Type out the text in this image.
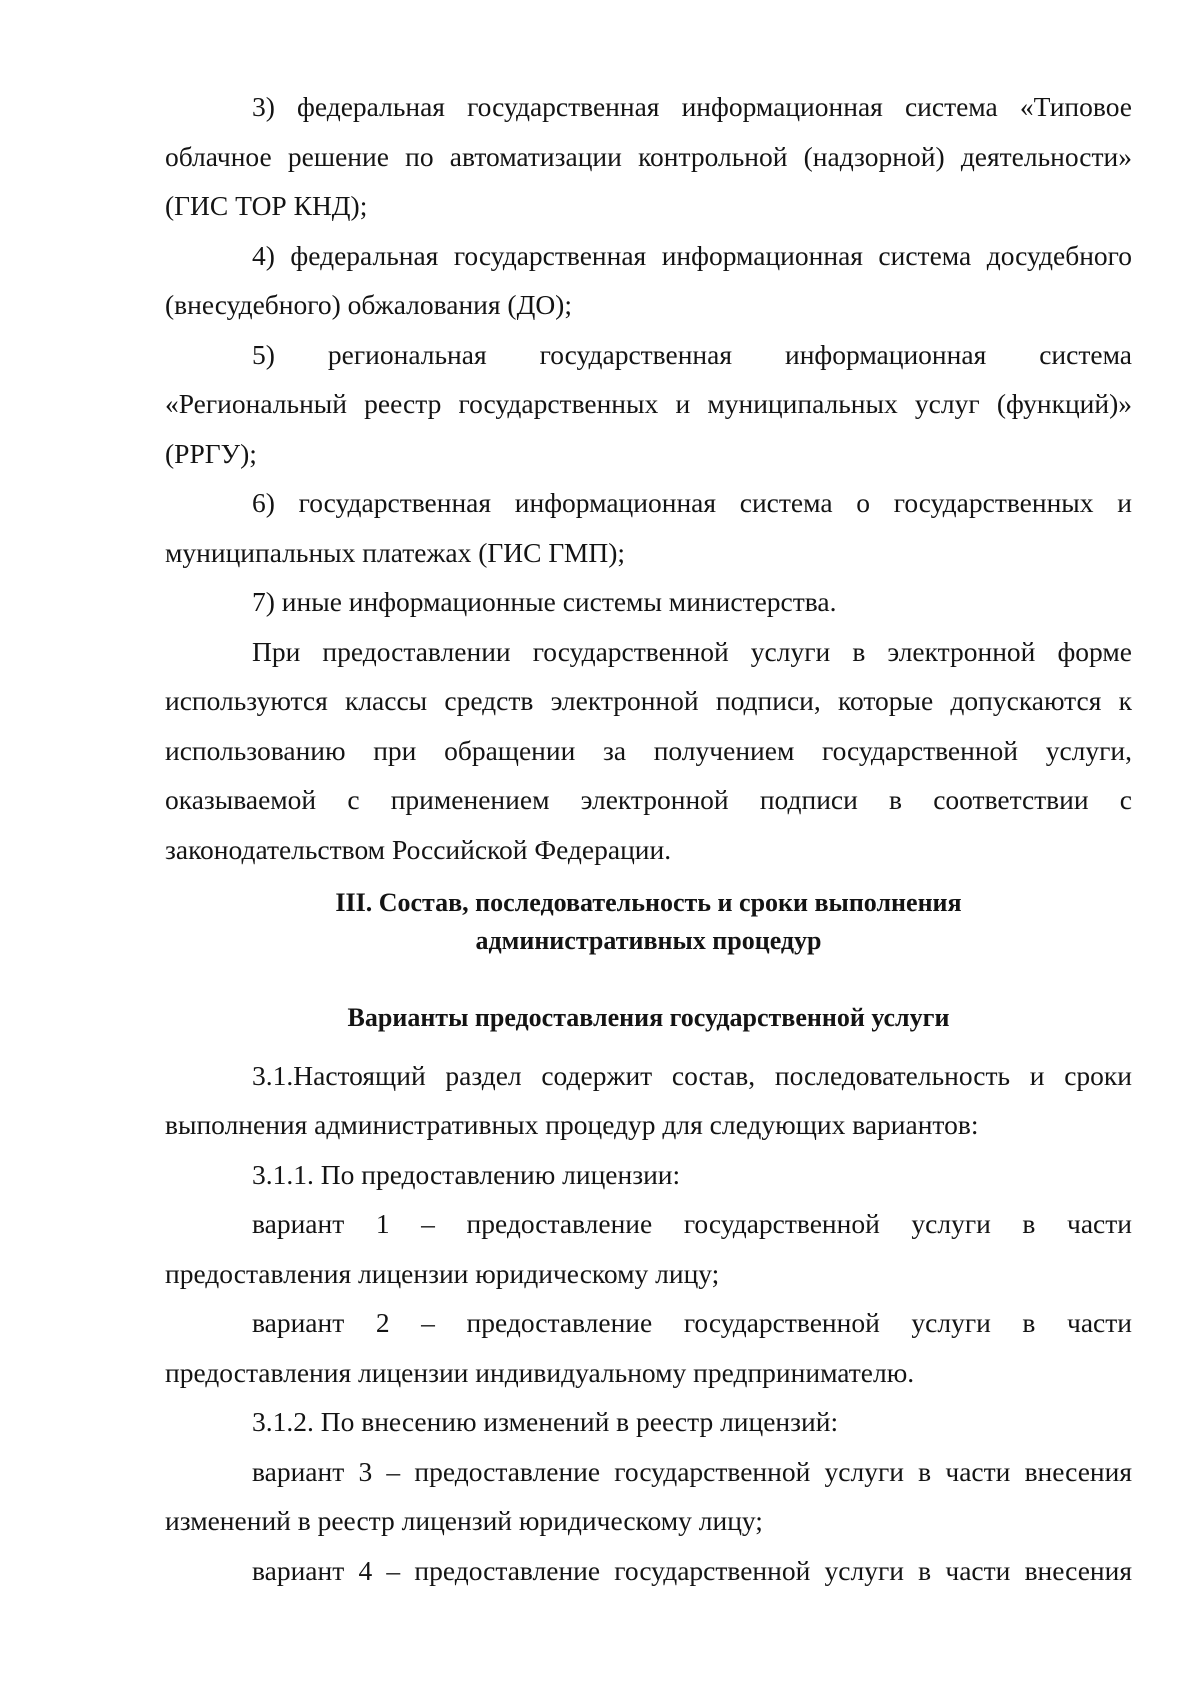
3) федеральная государственная информационная система «Типовое облачное решение по автоматизации контрольной (надзорной) деятельности» (ГИС ТОР КНД);

4) федеральная государственная информационная система досудебного (внесудебного) обжалования (ДО);

5) региональная государственная информационная система «Региональный реестр государственных и муниципальных услуг (функций)» (РРГУ);

6) государственная информационная система о государственных и муниципальных платежах (ГИС ГМП);

7) иные информационные системы министерства.

При предоставлении государственной услуги в электронной форме используются классы средств электронной подписи, которые допускаются к использованию при обращении за получением государственной услуги, оказываемой с применением электронной подписи в соответствии с законодательством Российской Федерации.

III. Состав, последовательность и сроки выполнения
административных процедур
Варианты предоставления государственной услуги

3.1.Настоящий раздел содержит состав, последовательность и сроки выполнения административных процедур для следующих вариантов:

3.1.1. По предоставлению лицензии:

вариант 1 – предоставление государственной услуги в части предоставления лицензии юридическому лицу;

вариант 2 – предоставление государственной услуги в части предоставления лицензии индивидуальному предпринимателю.

3.1.2. По внесению изменений в реестр лицензий:

вариант 3 – предоставление государственной услуги в части внесения изменений в реестр лицензий юридическому лицу;

вариант 4 – предоставление государственной услуги в части внесения
